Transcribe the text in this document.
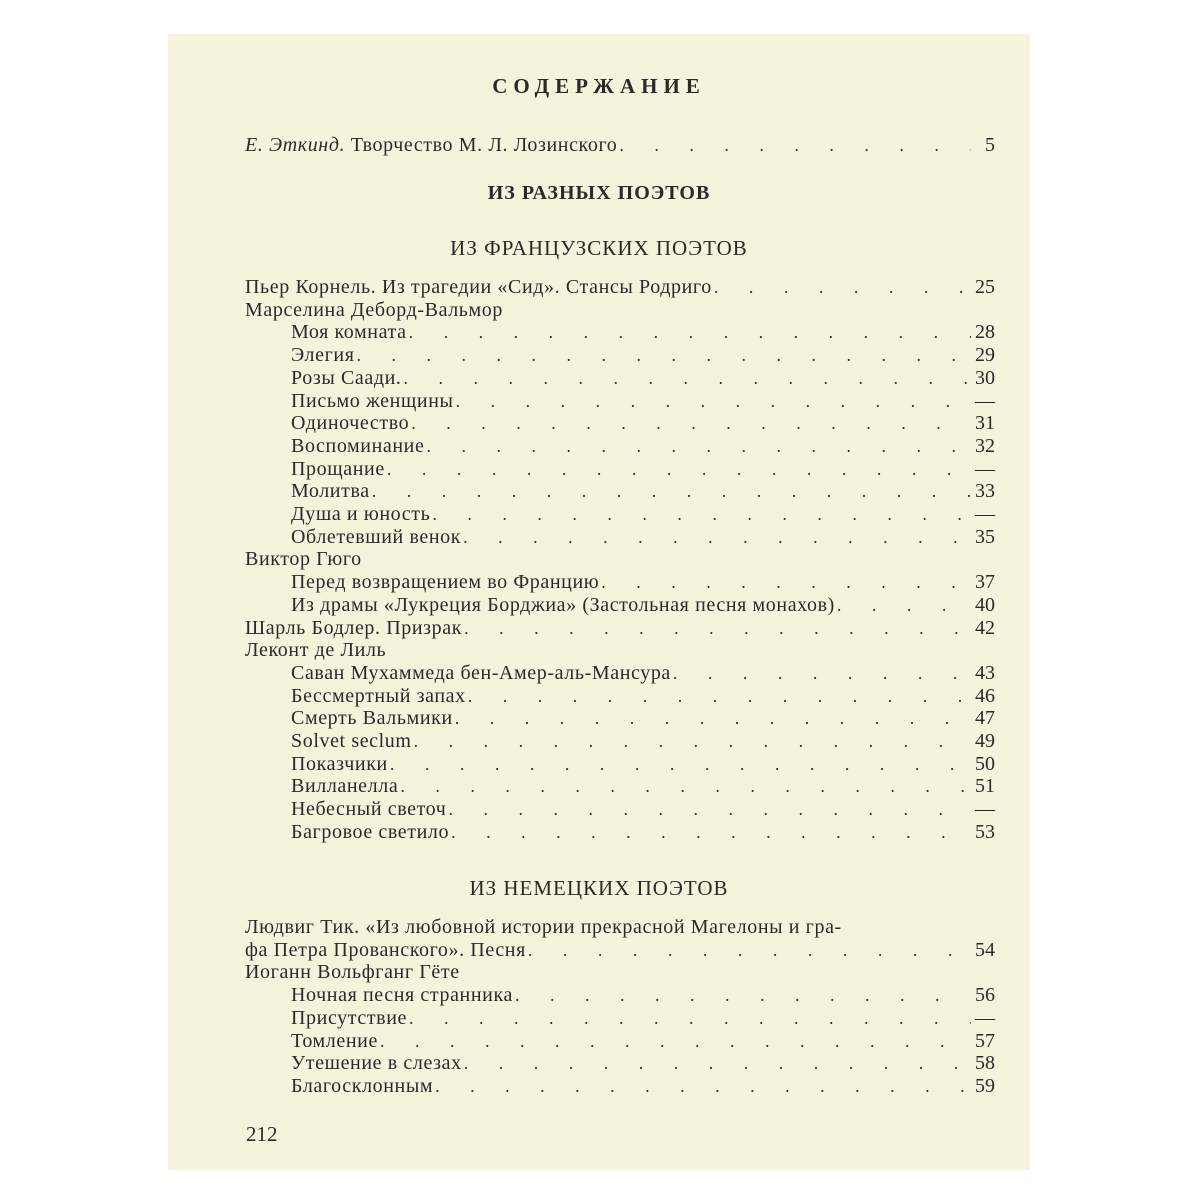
СОДЕРЖАНИЕ
Е. Эткинд. Творчество М. Л. Лозинского . . .	5
ИЗ РАЗНЫХ ПОЭТОВ
ИЗ ФРАНЦУЗСКИХ ПОЭТОВ
Пьер Корнель. Из трагедии «Сид». Стансы Родриго . . .	25
Марселина Деборд-Вальмор
Моя комната . . .	28
Элегия . . .	29
Розы Саади. . . .	30
Письмо женщины . . .	—
Одиночество . . .	31
Воспоминание . . .	32
Прощание . . .	—
Молитва . . .	33
Душа и юность . . .	—
Облетевший венок . . .	35
Виктор Гюго
Перед возвращением во Францию . . .	37
Из драмы «Лукреция Борджиа» (Застольная песня монахов) . . .	40
Шарль Бодлер. Призрак . . .	42
Леконт де Лиль
Саван Мухаммеда бен-Амер-аль-Мансура . . .	43
Бессмертный запах . . .	46
Смерть Вальмики . . .	47
Solvet seclum . . .	49
Показчики . . .	50
Вилланелла . . .	51
Небесный светоч . . .	—
Багровое светило . . .	53
ИЗ НЕМЕЦКИХ ПОЭТОВ
Людвиг Тик. «Из любовной истории прекрасной Магелоны и гра-
фа Петра Прованского». Песня . . .	54
Иоганн Вольфганг Гёте
Ночная песня странника . . .	56
Присутствие . . .	—
Томление . . .	57
Утешение в слезах . . .	58
Благосклонным . . .	59
212
